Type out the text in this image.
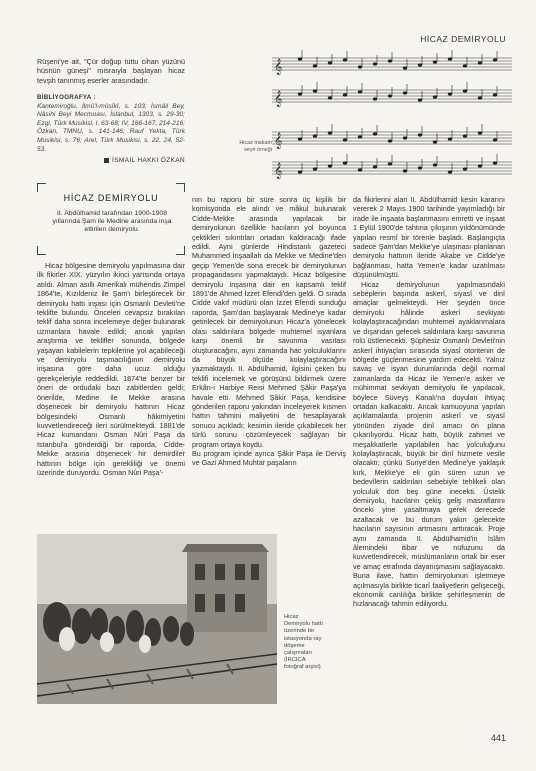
HİCAZ DEMİRYOLU

Rüşeni'ye ait, "Çür doğup tuttu cihan yüzünü hüsnün güneşi" mısraıyla başlayan hicaz tevşih tanınmış eserler arasındadır.

BİBLİYOGRAFYA :
Kantemiroğlu, İlmü'l-mûsîkî, s. 103; İsmâil Bey, Nâsihi Beyi Mecmuası, İstanbul, 1303, s. 29-30; Ezgi, Türk Musikisi, I, 63-68; IV, 166-167, 214-216; Özkan, TMNU, s. 141-146; Rauf Yekta, Türk Musikisi, s. 76; Arel, Türk Musikisi, s. 22, 24, 52-53.
İSMAİL HAKKI ÖZKAN
𝄞
𝄞
𝄞
𝄞
Hicaz makam seyri örneği
HİCAZ DEMİRYOLU
II. Abdülhamid tarafından 1900-1908 yıllarında Şam ile Medine arasında inşa ettirilen demiryolu.

Hicaz bölgesine demiryolu yapılmasına dair ilk fikirler XIX. yüzyılın ikinci yarısında ortaya atıldı. Alman asıllı Amerikalı mühendis Zimpel 1864'te, Kızıldeniz ile Şam'ı birleştirecek bir demiryolu hattı inşası için Osmanlı Devleti'ne teklifte bulundu. Önceleri cevapsız bırakılan teklif daha sonra incelemeye değer bulunarak uzmanlara havale edildi; ancak yapılan araştırma ve teklifler sonunda, bölgede yaşayan kabilelerin tepkilerine yol açabileceği ve demiryolu taşımacılığının demiryolu inşasına göre daha ucuz olduğu gerekçeleriyle reddedildi. 1874'te benzer bir öneri de ordudaki bazı zabitlerden geldi; önerilde, Medine ile Mekke arasına döşenecek bir demiryolu hattının Hicaz bölgesindeki Osmanlı hâkimiyetini kuvvetlendireceği ileri sürülmekteydi. 1881'de Hicaz kumandanı Osman Nûri Paşa da Istanbul'a gönderdiği bir raporda, Cidde-Mekke arasına döşenecek hir demirdiler hattının bölge için gerekliliği ve önemi üzerinde duruyordu. Osman Nûri Paşa'-

nın bu raporu bir süre sonra üç kişilik bir komisyonda ele alındı ve mâkul bulunarak Cidde-Mekke arasında yapılacak bir demiryolunun özellikle hacıların yol boyunca çektikleri sıkıntıları ortadan kaldıracağı ifade edildi. Aynı günlerde Hindistanlı gazeteci Muhammed İnşaallah da Mekke ve Medine'den geçip Yemen'de sona erecek bir demiryolunun propagandasını yapmaktaydı. Hicaz bölgesine demiryolu inşasına dair en kapsamlı teklif 1891'de Ahmed İzzet Efendi'den geldi. O sırada Cidde vakıf müdürü olan İzzet Efendi sunduğu raporda, Şam'dan başlayarak Medine'ye kadar getirilecek bir demiryolunun Hicaz'a yönelecek olası saldırılara bölgede muhtemel isyanlara karşı önemli bir savunma vasıtası oluşturacağını, aynı zamanda hac yolculuklarını da büyük ölçüde kolaylaştıracağını yazmaktaydı. II. Abdülhamid, ilgisini çeken bu teklifi incelemek ve görüşünü bildirmek üzere Erkân-ı Harbiye Reisi Mehmed Şâkir Paşa'ya havale etti. Mehmed Şâkir Paşa, kendisine gönderilen raporu yakından inceleyerek kısmen hattın tahmini maliyetini de hesaplayarak sonucu açıkladı; kesimin ileride çıkabilecek her türlü sorunu çözümleyecek sağlayan bir program ortaya koydu.

Bu program içinde ayrıca Şâkir Paşa ile Derviş ve Gazi Ahmed Muhtar paşaların

da fikirlerini alan II. Abdülhamid kesin kararını vererek 2 Mayıs 1900 tarihinde yayımladığı bir irade ile inşaata başlanmasını emretti ve inşaat 1 Eylül 1900'de tahtına çıkışının yıldönümünde yapılan resmî bir törenle başladı. Başlangıçta sadece Şam'dan Mekke'ye ulaşması planlanan demiryolu hattının ileride Akabe ve Cidde'ye bağlanması, hatta Yemen'e kadar uzatılması düşünülmüştü.

Hicaz demiryolunun yapılmasındaki sebeplerin başında askerî, siyasî ve dinî amaçlar gelmekteydi. Her şeyden önce demiryolu hâlinde askerî sevkiyatı kolaylaştıracağından muhtemel ayaklanmalara ve dışarıdan gelecek saldırılara karşı savunma rolü üstlenecekti. Şüphesiz Osmanlı Devleti'nin askerî ihtiyaçları sırasında siyasî otoritenin de bölgede güçlenmesine yardım edecekti. Yalnız savaş ve isyan durumlarında değil normal zamanlarda da Hicaz ile Yemen'e asker ve mühimmat sevkiyatı demiryolu ile yapılacak, böylece Süveyş Kanalı'na duyulan ihtiyaç ortadan kalkacaktı. Ancak kamuoyuna yapılan açıklamalarda projenin askerî ve siyasî yönünden ziyade dinî amacı ön plana çıkarılıyordu. Hicaz hattı, büyük zahmet ve meşakkatlerle yapılabilen hac yolculuğunu kolaylaştıracak, büyük bir dinî hizmete vesile olacaktı; çünkü Suriye'den Medine'ye yaklaşık kırk, Mekke'ye eli gün süren uzun ve bedevîlerin saldırıları sebebiyle tehlikeli olan yolculuk dört beş güne inecekti. Üstelik demiryolu, hacıların çekiş geliş masraflarını önceki yine yasaltmaya gerek derecede azaltacak ve bu durum yakın gelecekte hacıların sayısının artmasını arttıracak. Proje aynı zamanda II. Abdülhamid'in İslâm âlemindeki itibar ve nüfuzunu da kuvvetlendirecek, müslümanların ortak bir eser ve amaç etrafında dayanışmasını sağlayacaktı. Buna ilave, hattın demiryolunun işletmeye açılmasıyla birlikte ticarî faaliyetlerin gelişeceği, ekonomik canlılığa birlikte şehirleşmenin de hızlanacağı tahmin ediliyordu.

Hicaz Demiryolu hattı üzerinde bir istasyonda ray döşeme çalışmaları (İRCICA fotoğraf arşivi)
441
